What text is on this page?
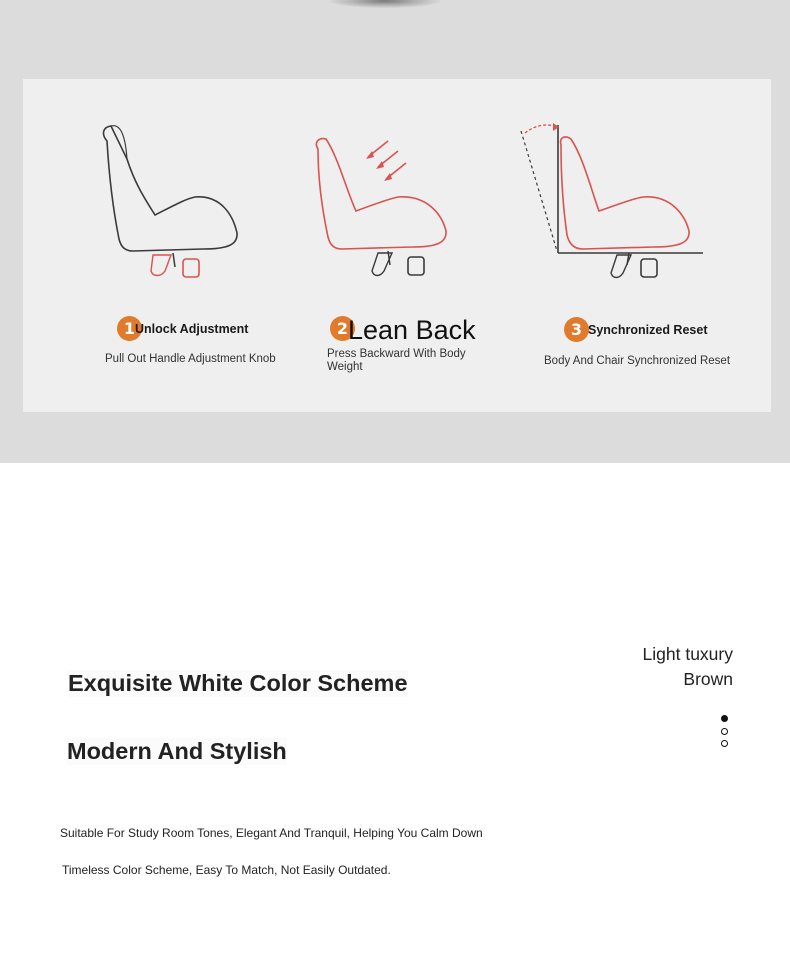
1 Unlock Adjustment
Pull Out Handle Adjustment Knob
2 Lean Back
Press Backward With Body Weight
3 Synchronized Reset
Body And Chair Synchronized Reset
Exquisite White Color Scheme
Modern And Stylish
Suitable For Study Room Tones, Elegant And Tranquil, Helping You Calm Down
Timeless Color Scheme, Easy To Match, Not Easily Outdated.
Light tuxury
Brown
